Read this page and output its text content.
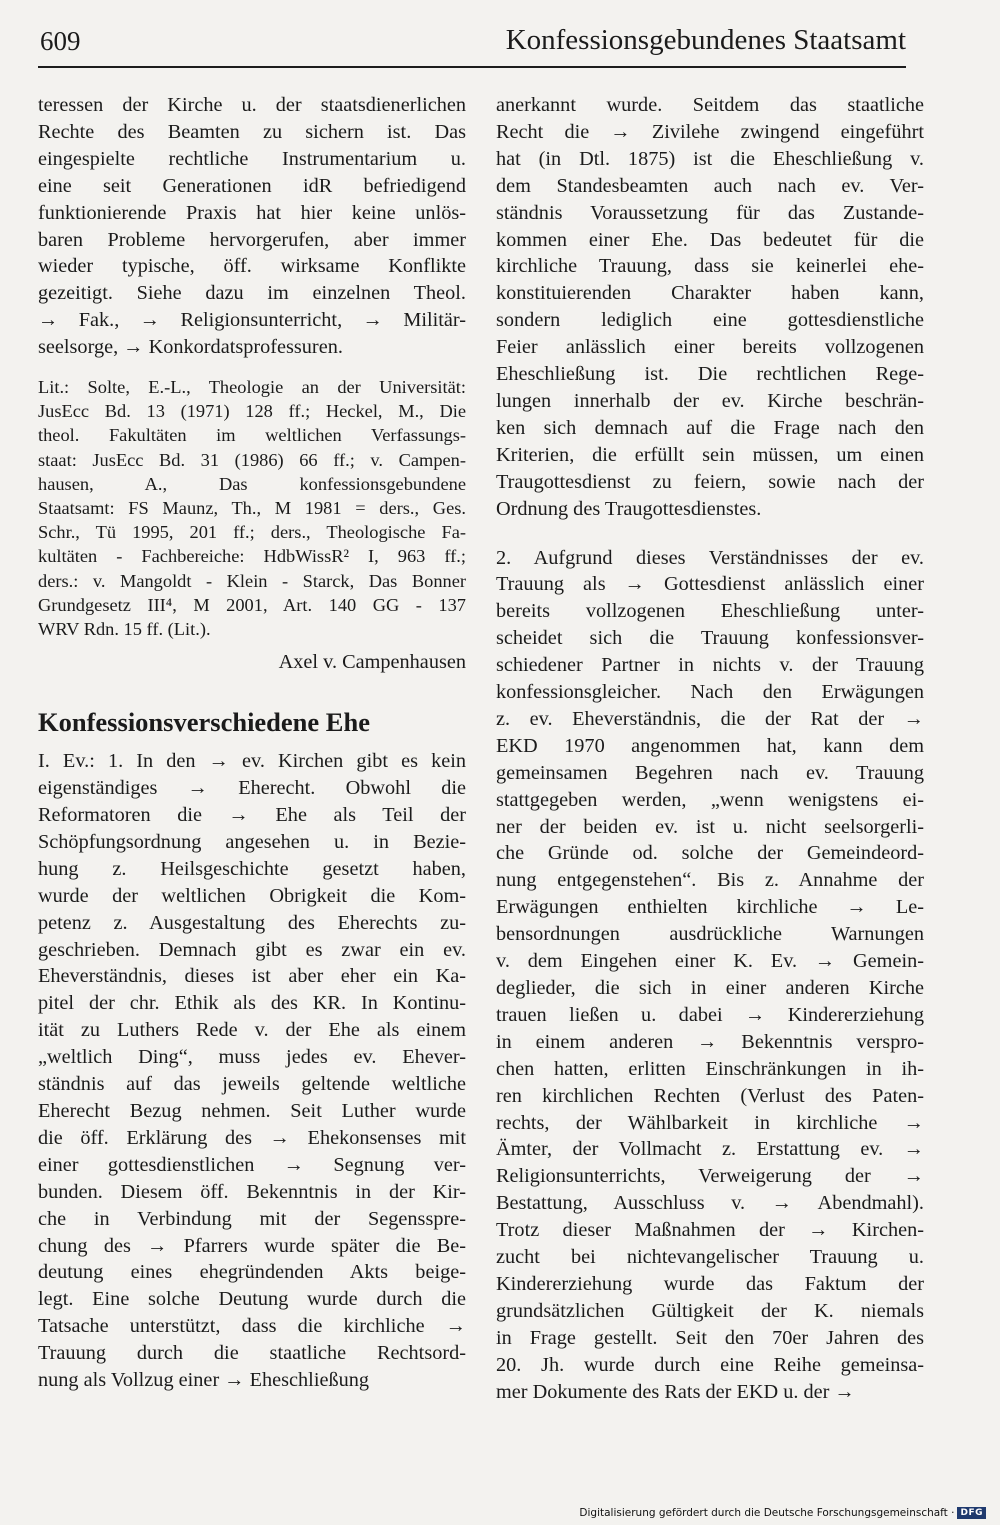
609	Konfessionsgebundenes Staatsamt
teressen der Kirche u. der staatsdienerlichen
Rechte des Beamten zu sichern ist. Das
eingespielte rechtliche Instrumentarium u.
eine seit Generationen idR befriedigend
funktionierende Praxis hat hier keine unlös-
baren Probleme hervorgerufen, aber immer
wieder typische, öff. wirksame Konflikte
gezeitigt. Siehe dazu im einzelnen Theol.
→ Fak., → Religionsunterricht, → Militär-
seelsorge, → Konkordatsprofessuren.
Lit.: Solte, E.-L., Theologie an der Universität:
JusEcc Bd. 13 (1971) 128 ff.; Heckel, M., Die
theol. Fakultäten im weltlichen Verfassungs-
staat: JusEcc Bd. 31 (1986) 66 ff.; v. Campen-
hausen, A., Das konfessionsgebundene
Staatsamt: FS Maunz, Th., M 1981 = ders., Ges.
Schr., Tü 1995, 201 ff.; ders., Theologische Fa-
kultäten - Fachbereiche: HdbWissR² I, 963 ff.;
ders.: v. Mangoldt - Klein - Starck, Das Bonner
Grundgesetz III⁴, M 2001, Art. 140 GG - 137
WRV Rdn. 15 ff. (Lit.).
Axel v. Campenhausen
Konfessionsverschiedene Ehe
I. Ev.: 1. In den → ev. Kirchen gibt es kein
eigenständiges → Eherecht. Obwohl die
Reformatoren die → Ehe als Teil der
Schöpfungsordnung angesehen u. in Bezie-
hung z. Heilsgeschichte gesetzt haben,
wurde der weltlichen Obrigkeit die Kom-
petenz z. Ausgestaltung des Eherechts zu-
geschrieben. Demnach gibt es zwar ein ev.
Eheverständnis, dieses ist aber eher ein Ka-
pitel der chr. Ethik als des KR. In Kontinu-
ität zu Luthers Rede v. der Ehe als einem
„weltlich Ding“, muss jedes ev. Ehever-
ständnis auf das jeweils geltende weltliche
Eherecht Bezug nehmen. Seit Luther wurde
die öff. Erklärung des → Ehekonsenses mit
einer gottesdienstlichen → Segnung ver-
bunden. Diesem öff. Bekenntnis in der Kir-
che in Verbindung mit der Segensspre-
chung des → Pfarrers wurde später die Be-
deutung eines ehegründenden Akts beige-
legt. Eine solche Deutung wurde durch die
Tatsache unterstützt, dass die kirchliche →
Trauung durch die staatliche Rechtsord-
nung als Vollzug einer → Eheschließung
anerkannt wurde. Seitdem das staatliche
Recht die → Zivilehe zwingend eingeführt
hat (in Dtl. 1875) ist die Eheschließung v.
dem Standesbeamten auch nach ev. Ver-
ständnis Voraussetzung für das Zustande-
kommen einer Ehe. Das bedeutet für die
kirchliche Trauung, dass sie keinerlei ehe-
konstituierenden Charakter haben kann,
sondern lediglich eine gottesdienstliche
Feier anlässlich einer bereits vollzogenen
Eheschließung ist. Die rechtlichen Rege-
lungen innerhalb der ev. Kirche beschrän-
ken sich demnach auf die Frage nach den
Kriterien, die erfüllt sein müssen, um einen
Traugottesdienst zu feiern, sowie nach der
Ordnung des Traugottesdienstes.
2. Aufgrund dieses Verständnisses der ev.
Trauung als → Gottesdienst anlässlich einer
bereits vollzogenen Eheschließung unter-
scheidet sich die Trauung konfessionsver-
schiedener Partner in nichts v. der Trauung
konfessionsgleicher. Nach den Erwägungen
z. ev. Eheverständnis, die der Rat der →
EKD 1970 angenommen hat, kann dem
gemeinsamen Begehren nach ev. Trauung
stattgegeben werden, „wenn wenigstens ei-
ner der beiden ev. ist u. nicht seelsorgerli-
che Gründe od. solche der Gemeindeord-
nung entgegenstehen“. Bis z. Annahme der
Erwägungen enthielten kirchliche → Le-
bensordnungen ausdrückliche Warnungen
v. dem Eingehen einer K. Ev. → Gemein-
deglieder, die sich in einer anderen Kirche
trauen ließen u. dabei → Kindererziehung
in einem anderen → Bekenntnis verspro-
chen hatten, erlitten Einschränkungen in ih-
ren kirchlichen Rechten (Verlust des Paten-
rechts, der Wählbarkeit in kirchliche →
Ämter, der Vollmacht z. Erstattung ev. →
Religionsunterrichts, Verweigerung der →
Bestattung, Ausschluss v. → Abendmahl).
Trotz dieser Maßnahmen der → Kirchen-
zucht bei nichtevangelischer Trauung u.
Kindererziehung wurde das Faktum der
grundsätzlichen Gültigkeit der K. niemals
in Frage gestellt. Seit den 70er Jahren des
20. Jh. wurde durch eine Reihe gemeinsa-
mer Dokumente des Rats der EKD u. der →
Digitalisierung gefördert durch die Deutsche Forschungsgemeinschaft · DFG
